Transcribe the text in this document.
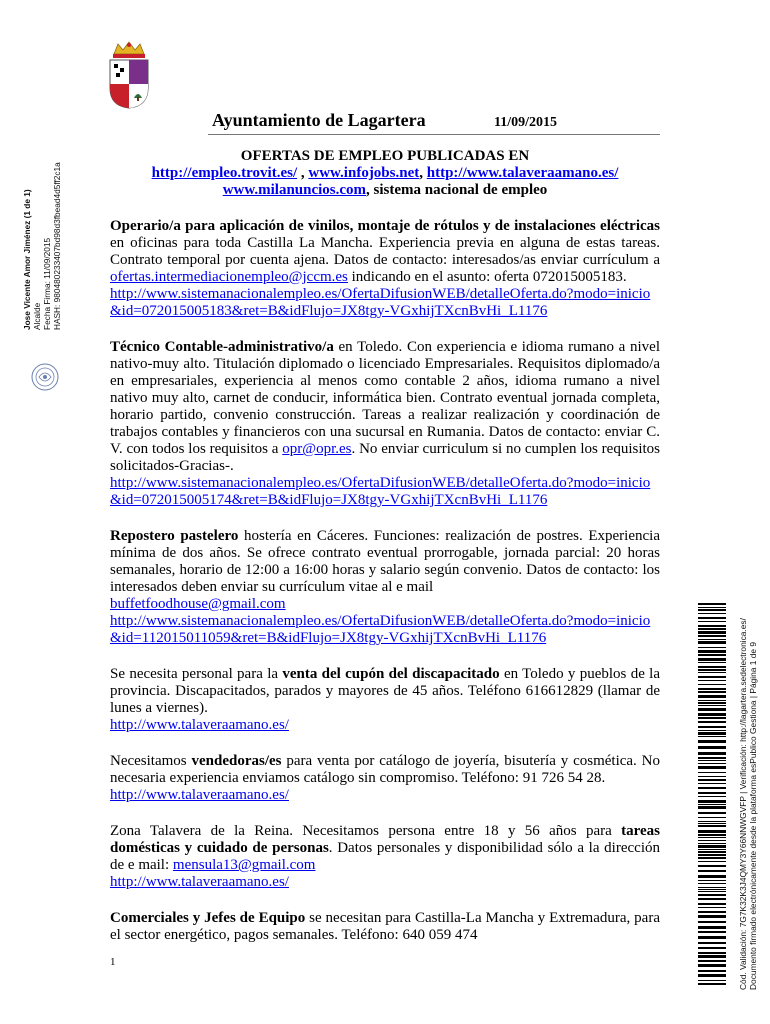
Ayuntamiento de Lagartera	11/09/2015
Jose Vicente Amor Jiménez (1 de 1) Alcalde Fecha Firma: 11/09/2015 HASH: 980480233407bd98d3fbead4d5ff2c1a
Cód. Validación: 7G7K32K3J4QMY3Y66NNWGVFP | Verificación: http://lagartera.sedelectronica.es/ Documento firmado electrónicamente desde la plataforma esPublico Gestiona | Página 1 de 9
OFERTAS DE EMPLEO PUBLICADAS EN
http://empleo.trovit.es/ , www.infojobs.net, http://www.talaveraamano.es/
www.milanuncios.com, sistema nacional de empleo
Operario/a para aplicación de vinilos, montaje de rótulos y de instalaciones eléctricas en oficinas para toda Castilla La Mancha. Experiencia previa en alguna de estas tareas. Contrato temporal por cuenta ajena. Datos de contacto: interesados/as enviar currículum a ofertas.intermediacionempleo@jccm.es indicando en el asunto: oferta 072015005183.
http://www.sistemanacionalempleo.es/OfertaDifusionWEB/detalleOferta.do?modo=inicio&id=072015005183&ret=B&idFlujo=JX8tgy-VGxhijTXcnBvHi_L1176
Técnico Contable-administrativo/a en Toledo. Con experiencia e idioma rumano a nivel nativo-muy alto. Titulación diplomado o licenciado Empresariales. Requisitos diplomado/a en empresariales, experiencia al menos como contable 2 años, idioma rumano a nivel nativo muy alto, carnet de conducir, informática bien. Contrato eventual jornada completa, horario partido, convenio construcción. Tareas a realizar realización y coordinación de trabajos contables y financieros con una sucursal en Rumania. Datos de contacto: enviar C. V. con todos los requisitos a opr@opr.es. No enviar curriculum si no cumplen los requisitos solicitados-Gracias-.
http://www.sistemanacionalempleo.es/OfertaDifusionWEB/detalleOferta.do?modo=inicio&id=072015005174&ret=B&idFlujo=JX8tgy-VGxhijTXcnBvHi_L1176
Repostero pastelero hostería en Cáceres. Funciones: realización de postres. Experiencia mínima de dos años. Se ofrece contrato eventual prorrogable, jornada parcial: 20 horas semanales, horario de 12:00 a 16:00 horas y salario según convenio. Datos de contacto: los interesados deben enviar su currículum vitae al e mail
buffetfoodhouse@gmail.com
http://www.sistemanacionalempleo.es/OfertaDifusionWEB/detalleOferta.do?modo=inicio&id=112015011059&ret=B&idFlujo=JX8tgy-VGxhijTXcnBvHi_L1176
Se necesita personal para la venta del cupón del discapacitado en Toledo y pueblos de la provincia. Discapacitados, parados y mayores de 45 años. Teléfono 616612829 (llamar de lunes a viernes).
http://www.talaveraamano.es/
Necesitamos vendedoras/es para venta por catálogo de joyería, bisutería y cosmética. No necesaria experiencia enviamos catálogo sin compromiso. Teléfono: 91 726 54 28.
http://www.talaveraamano.es/
Zona Talavera de la Reina. Necesitamos persona entre 18 y 56 años para tareas domésticas y cuidado de personas. Datos personales y disponibilidad sólo a la dirección de e mail: mensula13@gmail.com
http://www.talaveraamano.es/
Comerciales y Jefes de Equipo se necesitan para Castilla-La Mancha y Extremadura, para el sector energético, pagos semanales. Teléfono: 640 059 474
1
